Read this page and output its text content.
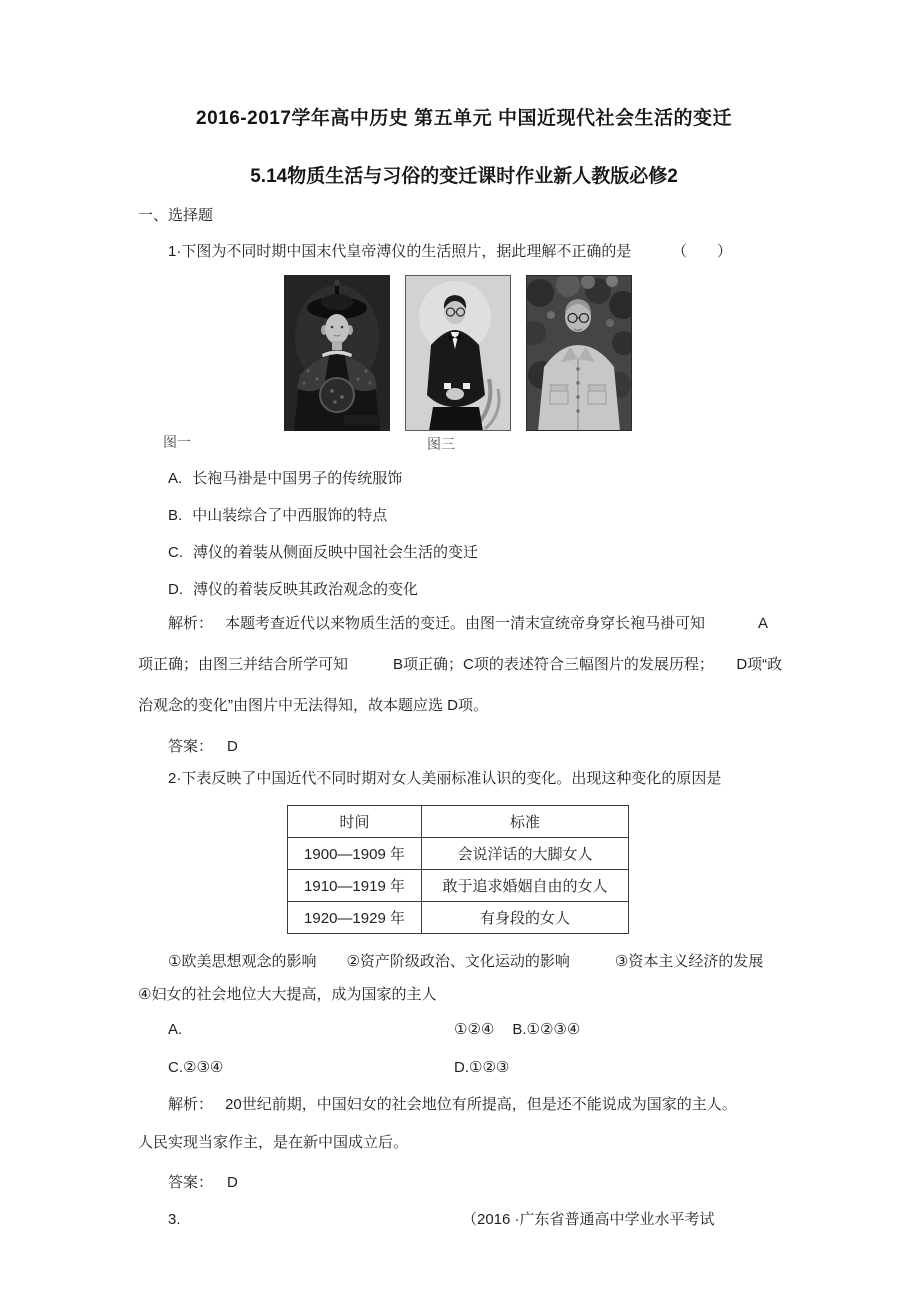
2016-2017学年高中历史 第五单元 中国近现代社会生活的变迁
5.14物质生活与习俗的变迁课时作业新人教版必修2
一、选择题
1·下图为不同时期中国末代皇帝溥仪的生活照片，据此理解不正确的是	（　　）
图一	图三
A. 长袍马褂是中国男子的传统服饰
B. 中山装综合了中西服饰的特点
C. 溥仪的着装从侧面反映中国社会生活的变迁
D. 溥仪的着装反映其政治观念的变化
解析： 本题考查近代以来物质生活的变迁。由图一清末宣统帝身穿长袍马褂可知	A
项正确；由图三并结合所学可知　　　B项正确；C项的表述符合三幅图片的发展历程；　　D项“政
治观念的变化”由图片中无法得知，故本题应选 D项。
答案： D
2·下表反映了中国近代不同时期对女人美丽标准认识的变化。出现这种变化的原因是
时间	标准
1900—1909 年	会说洋话的大脚女人
1910—1919 年	敢于追求婚姻自由的女人
1920—1929 年	有身段的女人
①欧美思想观念的影响　　②资产阶级政治、文化运动的影响　　　③资本主义经济的发展
④妇女的社会地位大大提高，成为国家的主人
A.	①②④ B.①②③④
C.②③④	D.①②③
解析： 20世纪前期，中国妇女的社会地位有所提高，但是还不能说成为国家的主人。
人民实现当家作主，是在新中国成立后。
答案： D
3.	（2016 ·广东省普通高中学业水平考试
